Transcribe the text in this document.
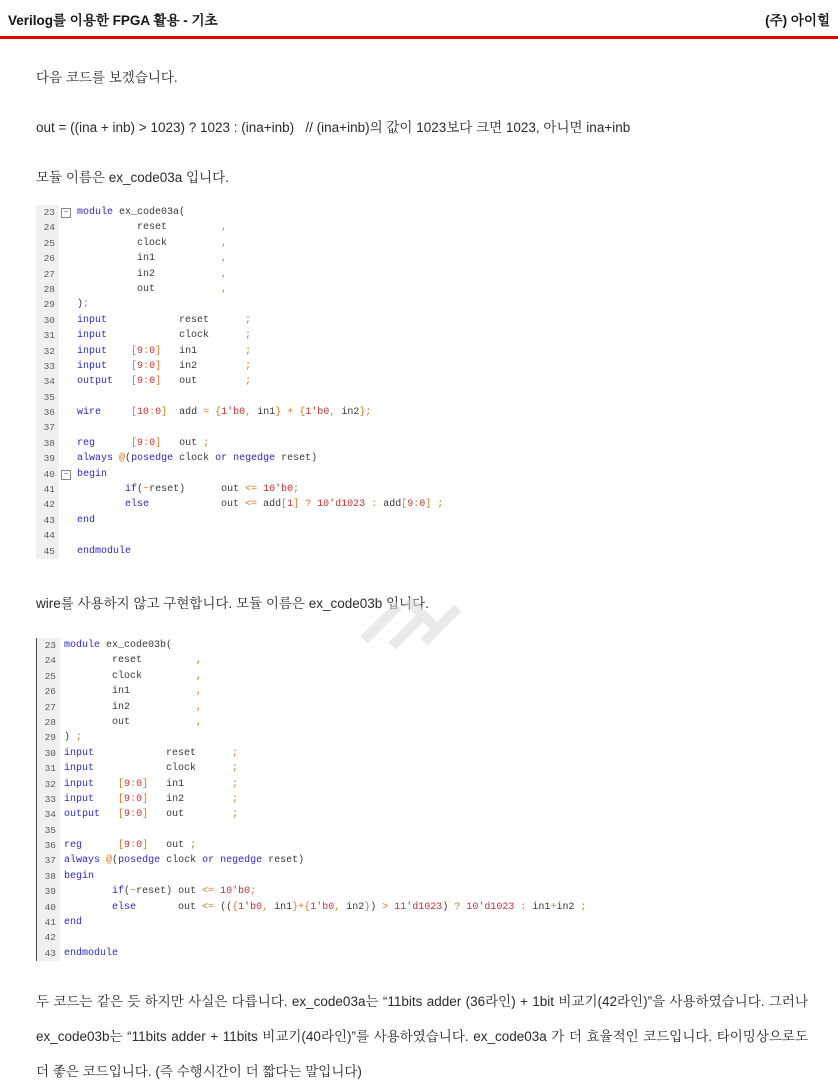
Verilog를 이용한 FPGA 활용 - 기초	(주) 아이힐

다음 코드를 보겠습니다.

out = ((ina + inb) > 1023) ? 1023 : (ina+inb)   // (ina+inb)의 값이 1023보다 크면 1023, 아니면 ina+inb

모듈 이름은 ex_code03a 입니다.

23	− module ex_code03a(
24	reset         ,
25	clock         ,
26	in1           ,
27	in2           ,
28	out           ,
29	);
30	input            reset      ;
31	input            clock      ;
32	input [9:0]   in1        ;
33	input [9:0]   in2        ;
34	output [9:0]   out        ;
35
36	wire	[10:0]  add = {1'b0, in1} + {1'b0, in2};
37
38	reg	[9:0]   out ;
39	always @(posedge clock or negedge reset)
40	− begin
41	if(~reset)      out <= 10'b0;
42	else            out <= add[1] ? 10'd1023 : add[9:0] ;
43	end
44
45	endmodule

wire를 사용하지 않고 구현합니다. 모듈 이름은 ex_code03b 입니다.

23 module ex_code03b(
24 reset         ,
25 clock         ,
26 in1           ,
27 in2           ,
28 out           ,
29 ) ;
30 input            reset      ;
31 input            clock      ;
32 input [9:0]   in1        ;
33 input [9:0]   in2        ;
34 output [9:0]   out        ;
35
36 reg	[9:0]   out ;
37 always @(posedge clock or negedge reset)
38 begin
39	if(~reset) out <= 10'b0;
40	else       out <= (({1'b0, in1}+{1'b0, in2}) > 11'd1023) ? 10'd1023 : in1+in2 ;
41 end
42
43 endmodule

두 코드는 같은 듯 하지만 사실은 다릅니다. ex_code03a는 “11bits adder (36라인) + 1bit 비교기(42라인)”을 사용하였습니다. 그러나 ex_code03b는 “11bits adder + 11bits 비교기(40라인)”를 사용하였습니다. ex_code03a 가 더 효율적인 코드입니다. 타이밍상으로도 더 좋은 코드입니다. (즉 수행시간이 더 짧다는 말입니다)
